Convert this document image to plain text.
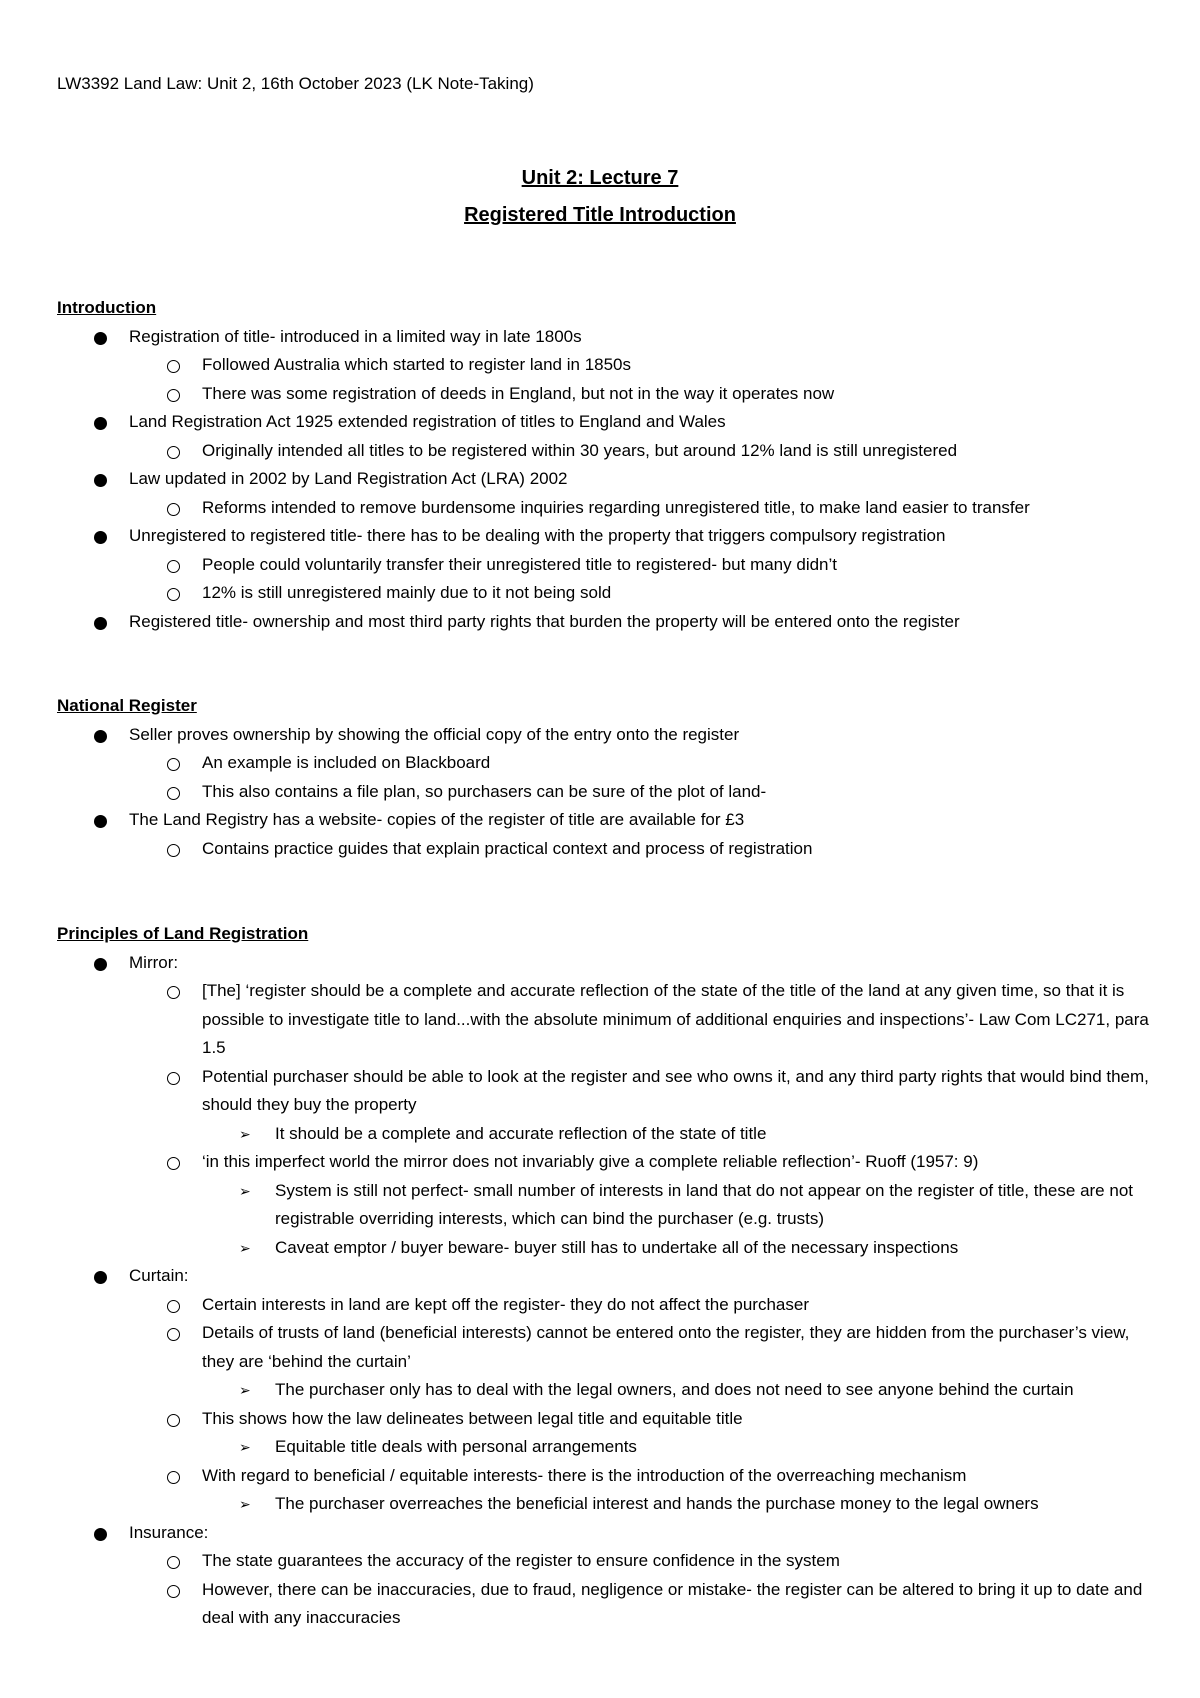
LW3392 Land Law: Unit 2, 16th October 2023 (LK Note-Taking)
Unit 2: Lecture 7
Registered Title Introduction
Introduction
Registration of title- introduced in a limited way in late 1800s
Followed Australia which started to register land in 1850s
There was some registration of deeds in England, but not in the way it operates now
Land Registration Act 1925 extended registration of titles to England and Wales
Originally intended all titles to be registered within 30 years, but around 12% land is still unregistered
Law updated in 2002 by Land Registration Act (LRA) 2002
Reforms intended to remove burdensome inquiries regarding unregistered title, to make land easier to transfer
Unregistered to registered title- there has to be dealing with the property that triggers compulsory registration
People could voluntarily transfer their unregistered title to registered- but many didn’t
12% is still unregistered mainly due to it not being sold
Registered title- ownership and most third party rights that burden the property will be entered onto the register
National Register
Seller proves ownership by showing the official copy of the entry onto the register
An example is included on Blackboard
This also contains a file plan, so purchasers can be sure of the plot of land-
The Land Registry has a website- copies of the register of title are available for £3
Contains practice guides that explain practical context and process of registration
Principles of Land Registration
Mirror:
[The] ‘register should be a complete and accurate reflection of the state of the title of the land at any given time, so that it is possible to investigate title to land...with the absolute minimum of additional enquiries and inspections’- Law Com LC271, para 1.5
Potential purchaser should be able to look at the register and see who owns it, and any third party rights that would bind them, should they buy the property
➢ It should be a complete and accurate reflection of the state of title
‘in this imperfect world the mirror does not invariably give a complete reliable reflection’- Ruoff (1957: 9)
➢ System is still not perfect- small number of interests in land that do not appear on the register of title, these are not registrable overriding interests, which can bind the purchaser (e.g. trusts)
➢ Caveat emptor / buyer beware- buyer still has to undertake all of the necessary inspections
Curtain:
Certain interests in land are kept off the register- they do not affect the purchaser
Details of trusts of land (beneficial interests) cannot be entered onto the register, they are hidden from the purchaser’s view, they are ‘behind the curtain’
➢ The purchaser only has to deal with the legal owners, and does not need to see anyone behind the curtain
This shows how the law delineates between legal title and equitable title
➢ Equitable title deals with personal arrangements
With regard to beneficial / equitable interests- there is the introduction of the overreaching mechanism
➢ The purchaser overreaches the beneficial interest and hands the purchase money to the legal owners
Insurance:
The state guarantees the accuracy of the register to ensure confidence in the system
However, there can be inaccuracies, due to fraud, negligence or mistake- the register can be altered to bring it up to date and deal with any inaccuracies
